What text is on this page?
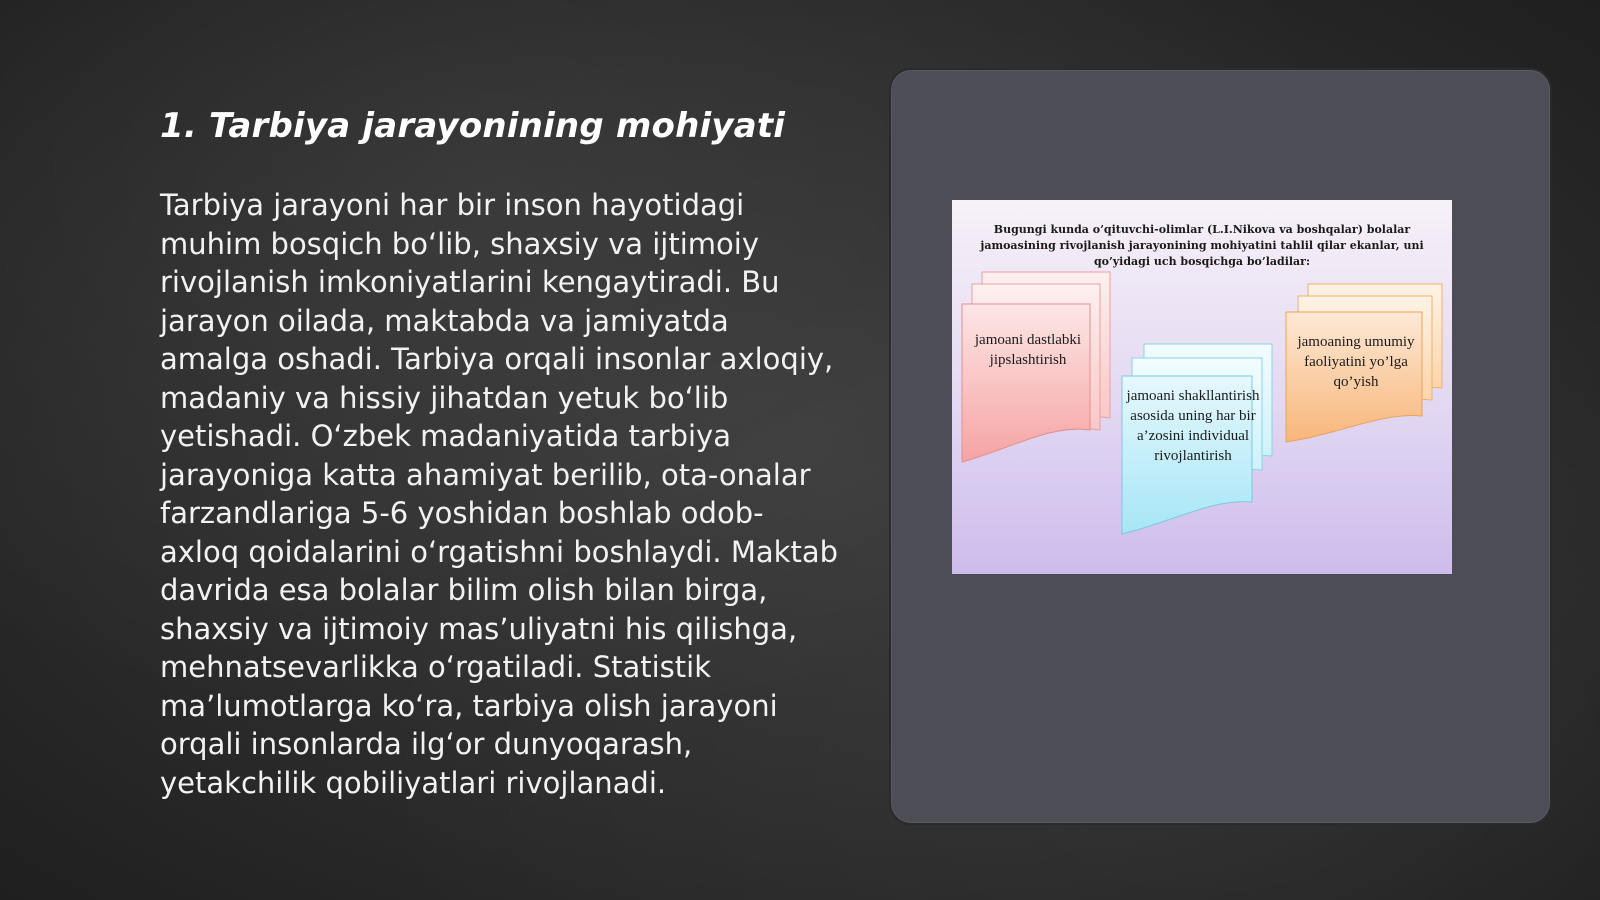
1. Tarbiya jarayonining mohiyati

Tarbiya jarayoni har bir inson hayotidagi muhim bosqich bo‘lib, shaxsiy va ijtimoiy rivojlanish imkoniyatlarini kengaytiradi. Bu jarayon oilada, maktabda va jamiyatda amalga oshadi. Tarbiya orqali insonlar axloqiy, madaniy va hissiy jihatdan yetuk bo‘lib yetishadi. O‘zbek madaniyatida tarbiya jarayoniga katta ahamiyat berilib, ota-onalar farzandlariga 5-6 yoshidan boshlab odob-axloq qoidalarini o‘rgatishni boshlaydi. Maktab davrida esa bolalar bilim olish bilan birga, shaxsiy va ijtimoiy mas’uliyatni his qilishga, mehnatsevarlikka o‘rgatiladi. Statistik ma’lumotlarga ko‘ra, tarbiya olish jarayoni orqali insonlarda ilg‘or dunyoqarash, yetakchilik qobiliyatlari rivojlanadi.

Bugungi kunda o’qituvchi-olimlar (L.I.Nikova va boshqalar) bolalar jamoasining rivojlanish jarayonining mohiyatini tahlil qilar ekanlar, uni qo’yidagi uch bosqichga bo’ladilar:

jamoani dastlabki jipslashtirish
jamoani shakllantirish asosida uning har bir a’zosini individual rivojlantirish
jamoaning umumiy faoliyatini yo’lga qo’yish
